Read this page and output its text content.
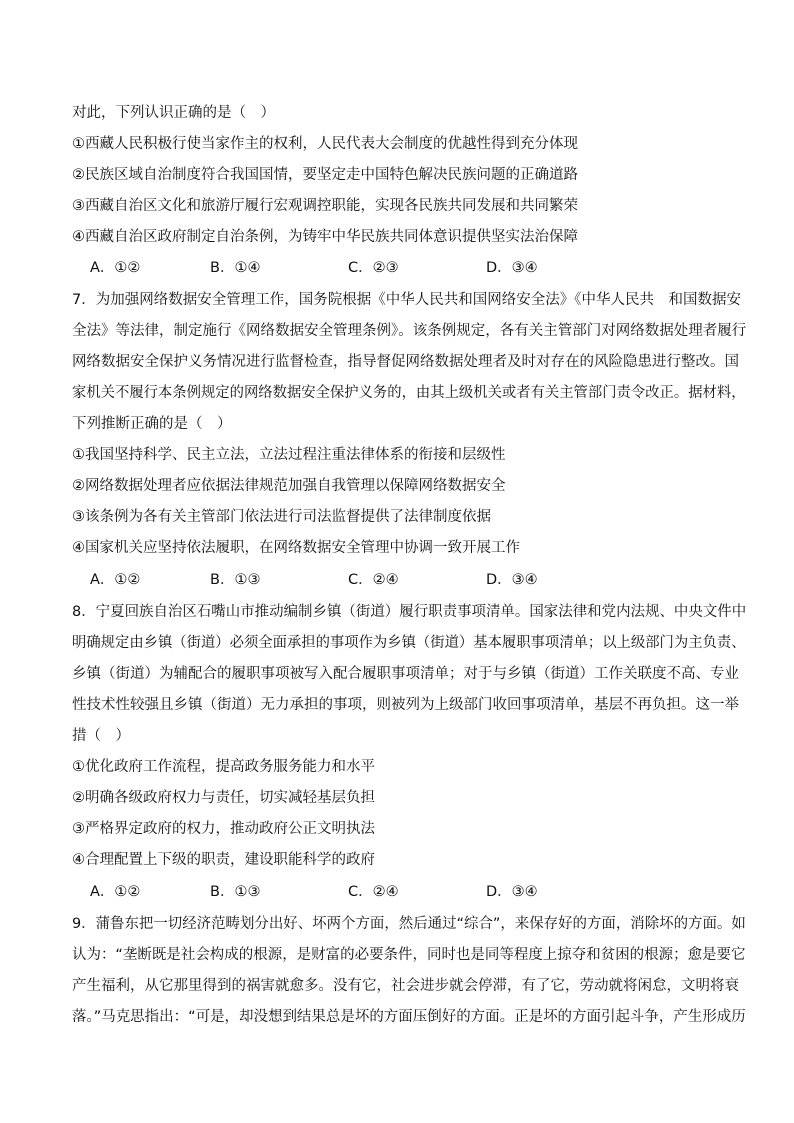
对此，下列认识正确的是（　）
①西藏人民积极行使当家作主的权利，人民代表大会制度的优越性得到充分体现
②民族区域自治制度符合我国国情，要坚定走中国特色解决民族问题的正确道路
③西藏自治区文化和旅游厅履行宏观调控职能，实现各民族共同发展和共同繁荣
④西藏自治区政府制定自治条例，为铸牢中华民族共同体意识提供坚实法治保障
A．①②	B．①④	C．②③	D．③④
7．为加强网络数据安全管理工作，国务院根据《中华人民共和国网络安全法》《中华人民共　和国数据安
全法》等法律，制定施行《网络数据安全管理条例》。该条例规定，各有关主管部门对网络数据处理者履行
网络数据安全保护义务情况进行监督检查，指导督促网络数据处理者及时对存在的风险隐患进行整改。国
家机关不履行本条例规定的网络数据安全保护义务的，由其上级机关或者有关主管部门责令改正。据材料，
下列推断正确的是（　）
①我国坚持科学、民主立法，立法过程注重法律体系的衔接和层级性
②网络数据处理者应依据法律规范加强自我管理以保障网络数据安全
③该条例为各有关主管部门依法进行司法监督提供了法律制度依据
④国家机关应坚持依法履职，在网络数据安全管理中协调一致开展工作
A．①②	B．①③	C．②④	D．③④
8．宁夏回族自治区石嘴山市推动编制乡镇（街道）履行职责事项清单。国家法律和党内法规、中央文件中
明确规定由乡镇（街道）必须全面承担的事项作为乡镇（街道）基本履职事项清单；以上级部门为主负责、
乡镇（街道）为辅配合的履职事项被写入配合履职事项清单；对于与乡镇（街道）工作关联度不高、专业
性技术性较强且乡镇（街道）无力承担的事项，则被列为上级部门收回事项清单，基层不再负担。这一举
措（　）
①优化政府工作流程，提高政务服务能力和水平
②明确各级政府权力与责任，切实减轻基层负担
③严格界定政府的权力，推动政府公正文明执法
④合理配置上下级的职责，建设职能科学的政府
A．①②	B．①③	C．②④	D．③④
9．蒲鲁东把一切经济范畴划分出好、坏两个方面，然后通过“综合”，来保存好的方面，消除坏的方面。如
认为：“垄断既是社会构成的根源，是财富的必要条件，同时也是同等程度上掠夺和贫困的根源；愈是要它
产生福利，从它那里得到的祸害就愈多。没有它，社会进步就会停滞，有了它，劳动就将闲怠，文明将衰
落。”马克思指出：“可是，却没想到结果总是坏的方面压倒好的方面。正是坏的方面引起斗争，产生形成历
